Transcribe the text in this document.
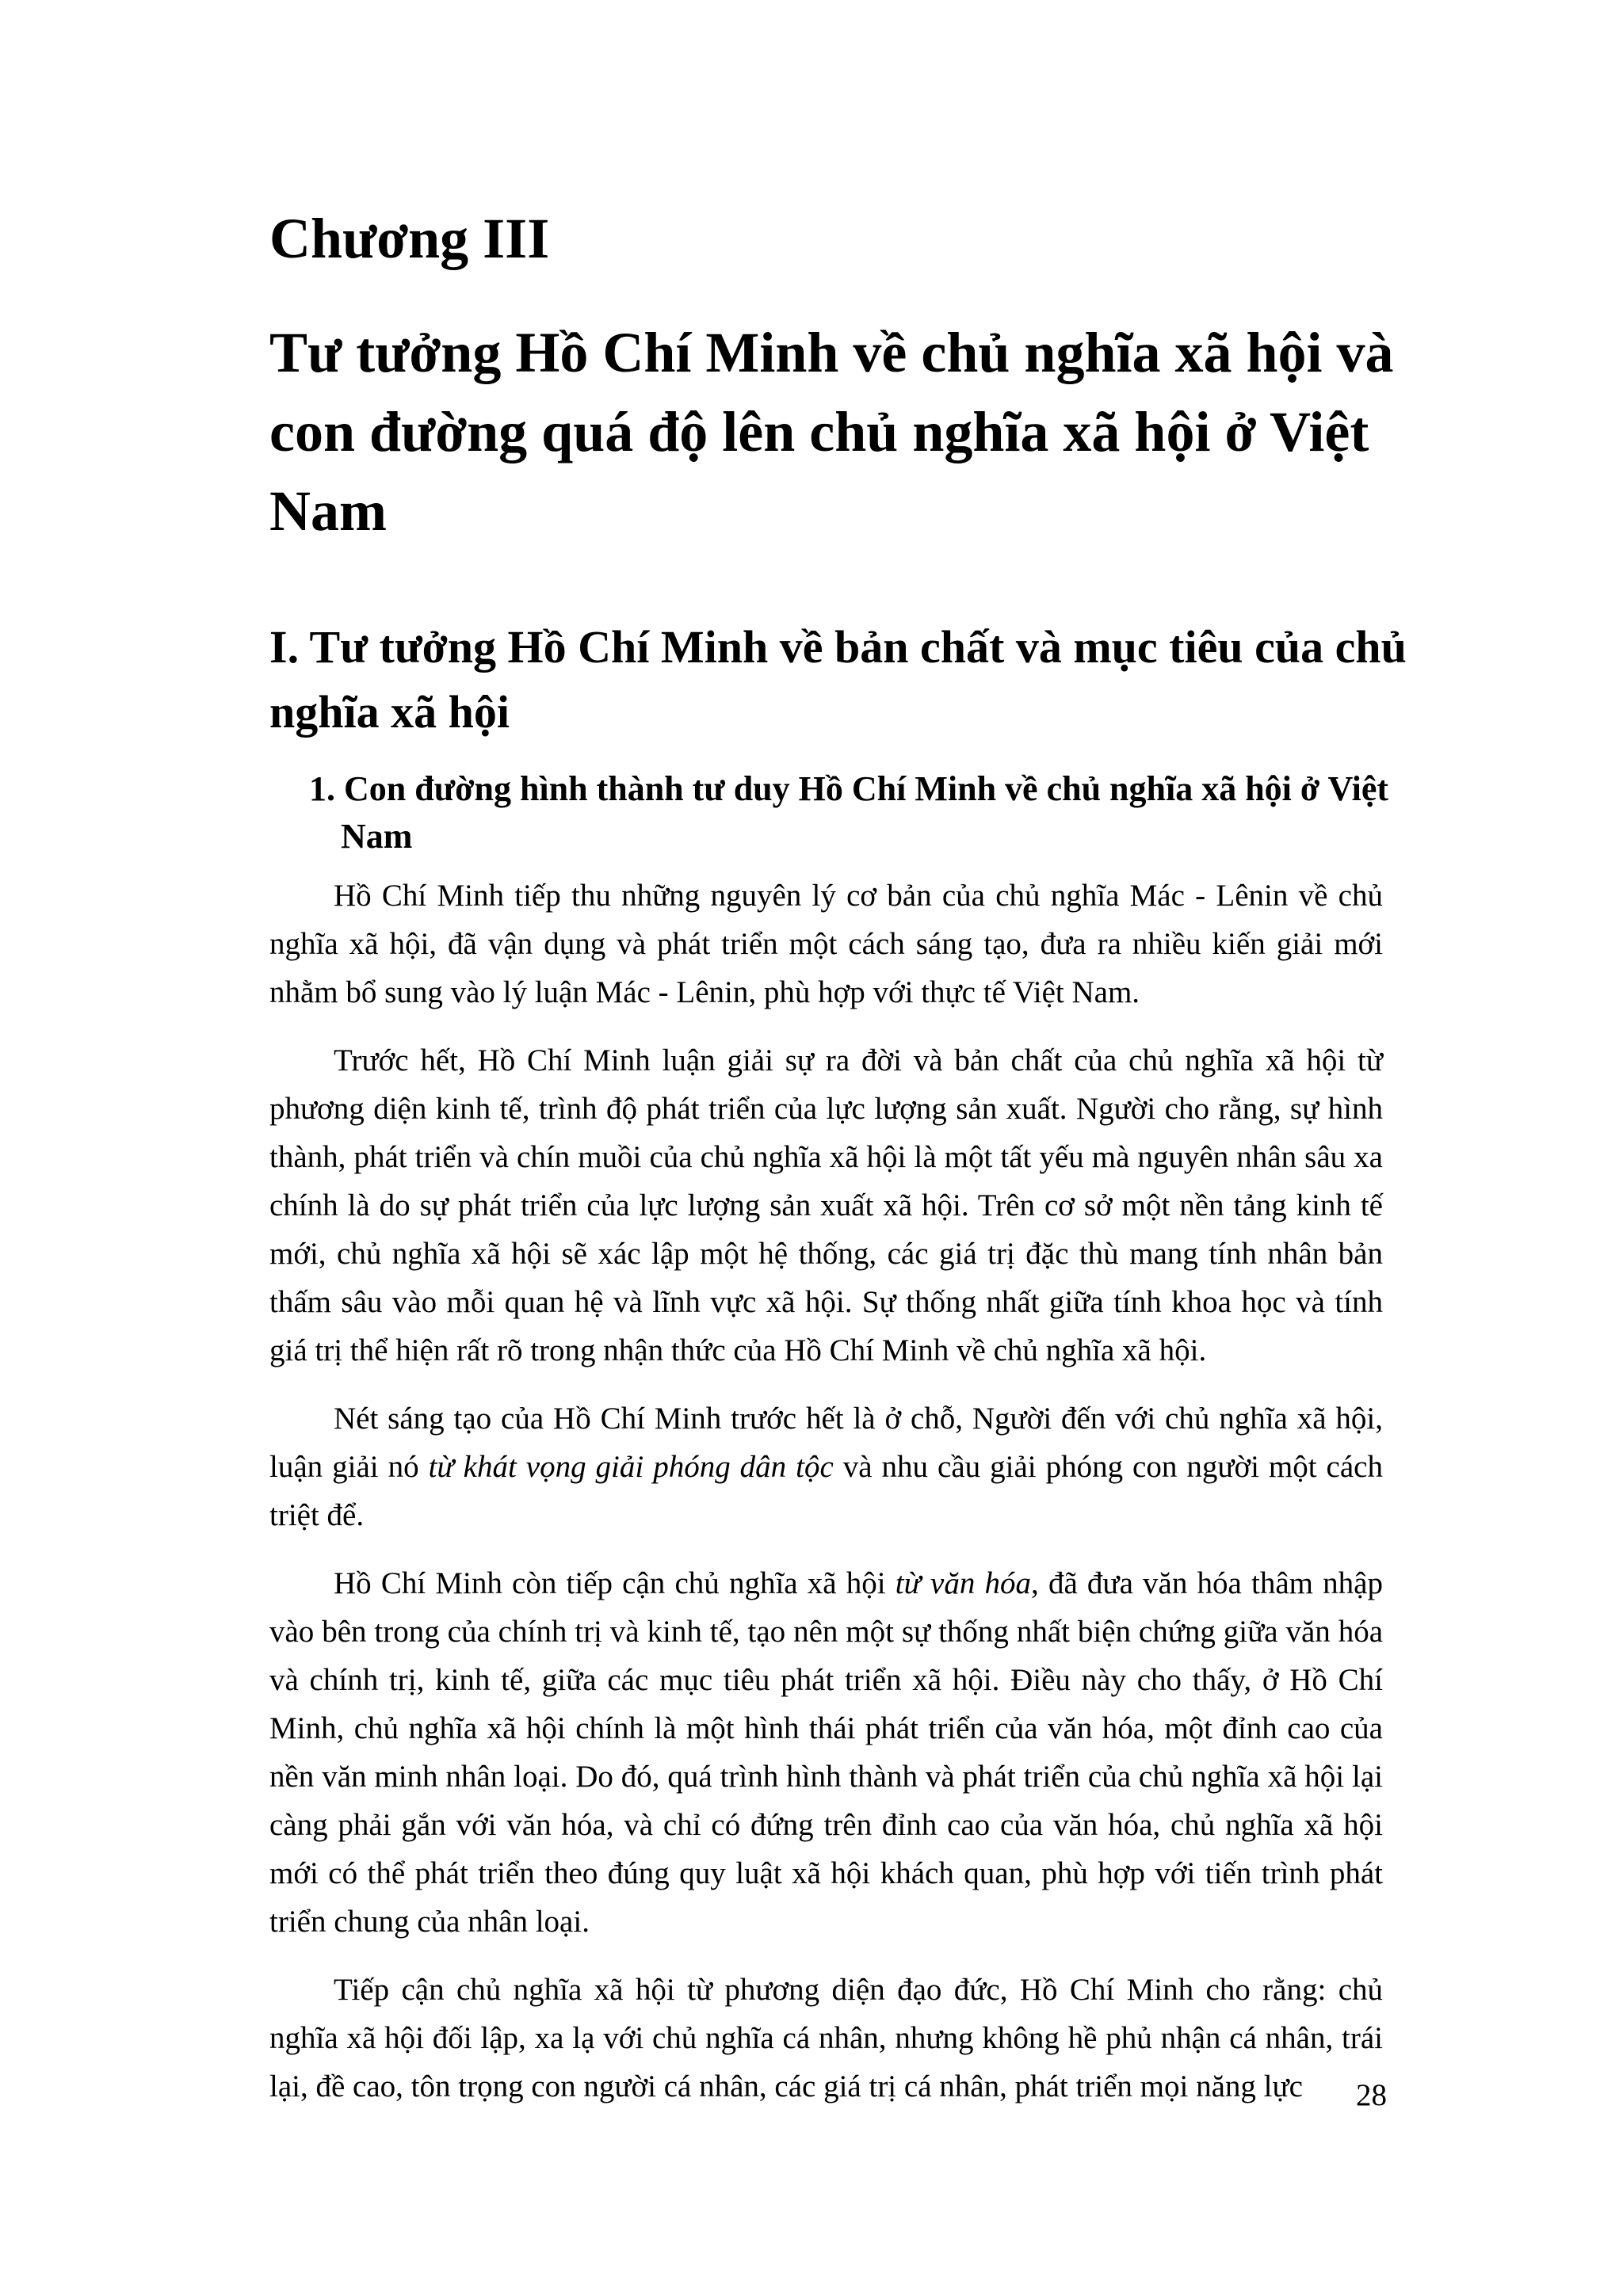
Chương III
Tư tưởng Hồ Chí Minh về chủ nghĩa xã hội và con đường quá độ lên chủ nghĩa xã hội ở Việt Nam
I. Tư tưởng Hồ Chí Minh về bản chất và mục tiêu của chủ nghĩa xã hội
1. Con đường hình thành tư duy Hồ Chí Minh về chủ nghĩa xã hội ở Việt Nam

Hồ Chí Minh tiếp thu những nguyên lý cơ bản của chủ nghĩa Mác - Lênin về chủ nghĩa xã hội, đã vận dụng và phát triển một cách sáng tạo, đưa ra nhiều kiến giải mới nhằm bổ sung vào lý luận Mác - Lênin, phù hợp với thực tế Việt Nam.

Trước hết, Hồ Chí Minh luận giải sự ra đời và bản chất của chủ nghĩa xã hội từ phương diện kinh tế, trình độ phát triển của lực lượng sản xuất. Người cho rằng, sự hình thành, phát triển và chín muồi của chủ nghĩa xã hội là một tất yếu mà nguyên nhân sâu xa chính là do sự phát triển của lực lượng sản xuất xã hội. Trên cơ sở một nền tảng kinh tế mới, chủ nghĩa xã hội sẽ xác lập một hệ thống, các giá trị đặc thù mang tính nhân bản thấm sâu vào mỗi quan hệ và lĩnh vực xã hội. Sự thống nhất giữa tính khoa học và tính giá trị thể hiện rất rõ trong nhận thức của Hồ Chí Minh về chủ nghĩa xã hội.

Nét sáng tạo của Hồ Chí Minh trước hết là ở chỗ, Người đến với chủ nghĩa xã hội, luận giải nó từ khát vọng giải phóng dân tộc và nhu cầu giải phóng con người một cách triệt để.

Hồ Chí Minh còn tiếp cận chủ nghĩa xã hội từ văn hóa, đã đưa văn hóa thâm nhập vào bên trong của chính trị và kinh tế, tạo nên một sự thống nhất biện chứng giữa văn hóa và chính trị, kinh tế, giữa các mục tiêu phát triển xã hội. Điều này cho thấy, ở Hồ Chí Minh, chủ nghĩa xã hội chính là một hình thái phát triển của văn hóa, một đỉnh cao của nền văn minh nhân loại. Do đó, quá trình hình thành và phát triển của chủ nghĩa xã hội lại càng phải gắn với văn hóa, và chỉ có đứng trên đỉnh cao của văn hóa, chủ nghĩa xã hội mới có thể phát triển theo đúng quy luật xã hội khách quan, phù hợp với tiến trình phát triển chung của nhân loại.

Tiếp cận chủ nghĩa xã hội từ phương diện đạo đức, Hồ Chí Minh cho rằng: chủ nghĩa xã hội đối lập, xa lạ với chủ nghĩa cá nhân, nhưng không hề phủ nhận cá nhân, trái lại, đề cao, tôn trọng con người cá nhân, các giá trị cá nhân, phát triển mọi năng lực	28
